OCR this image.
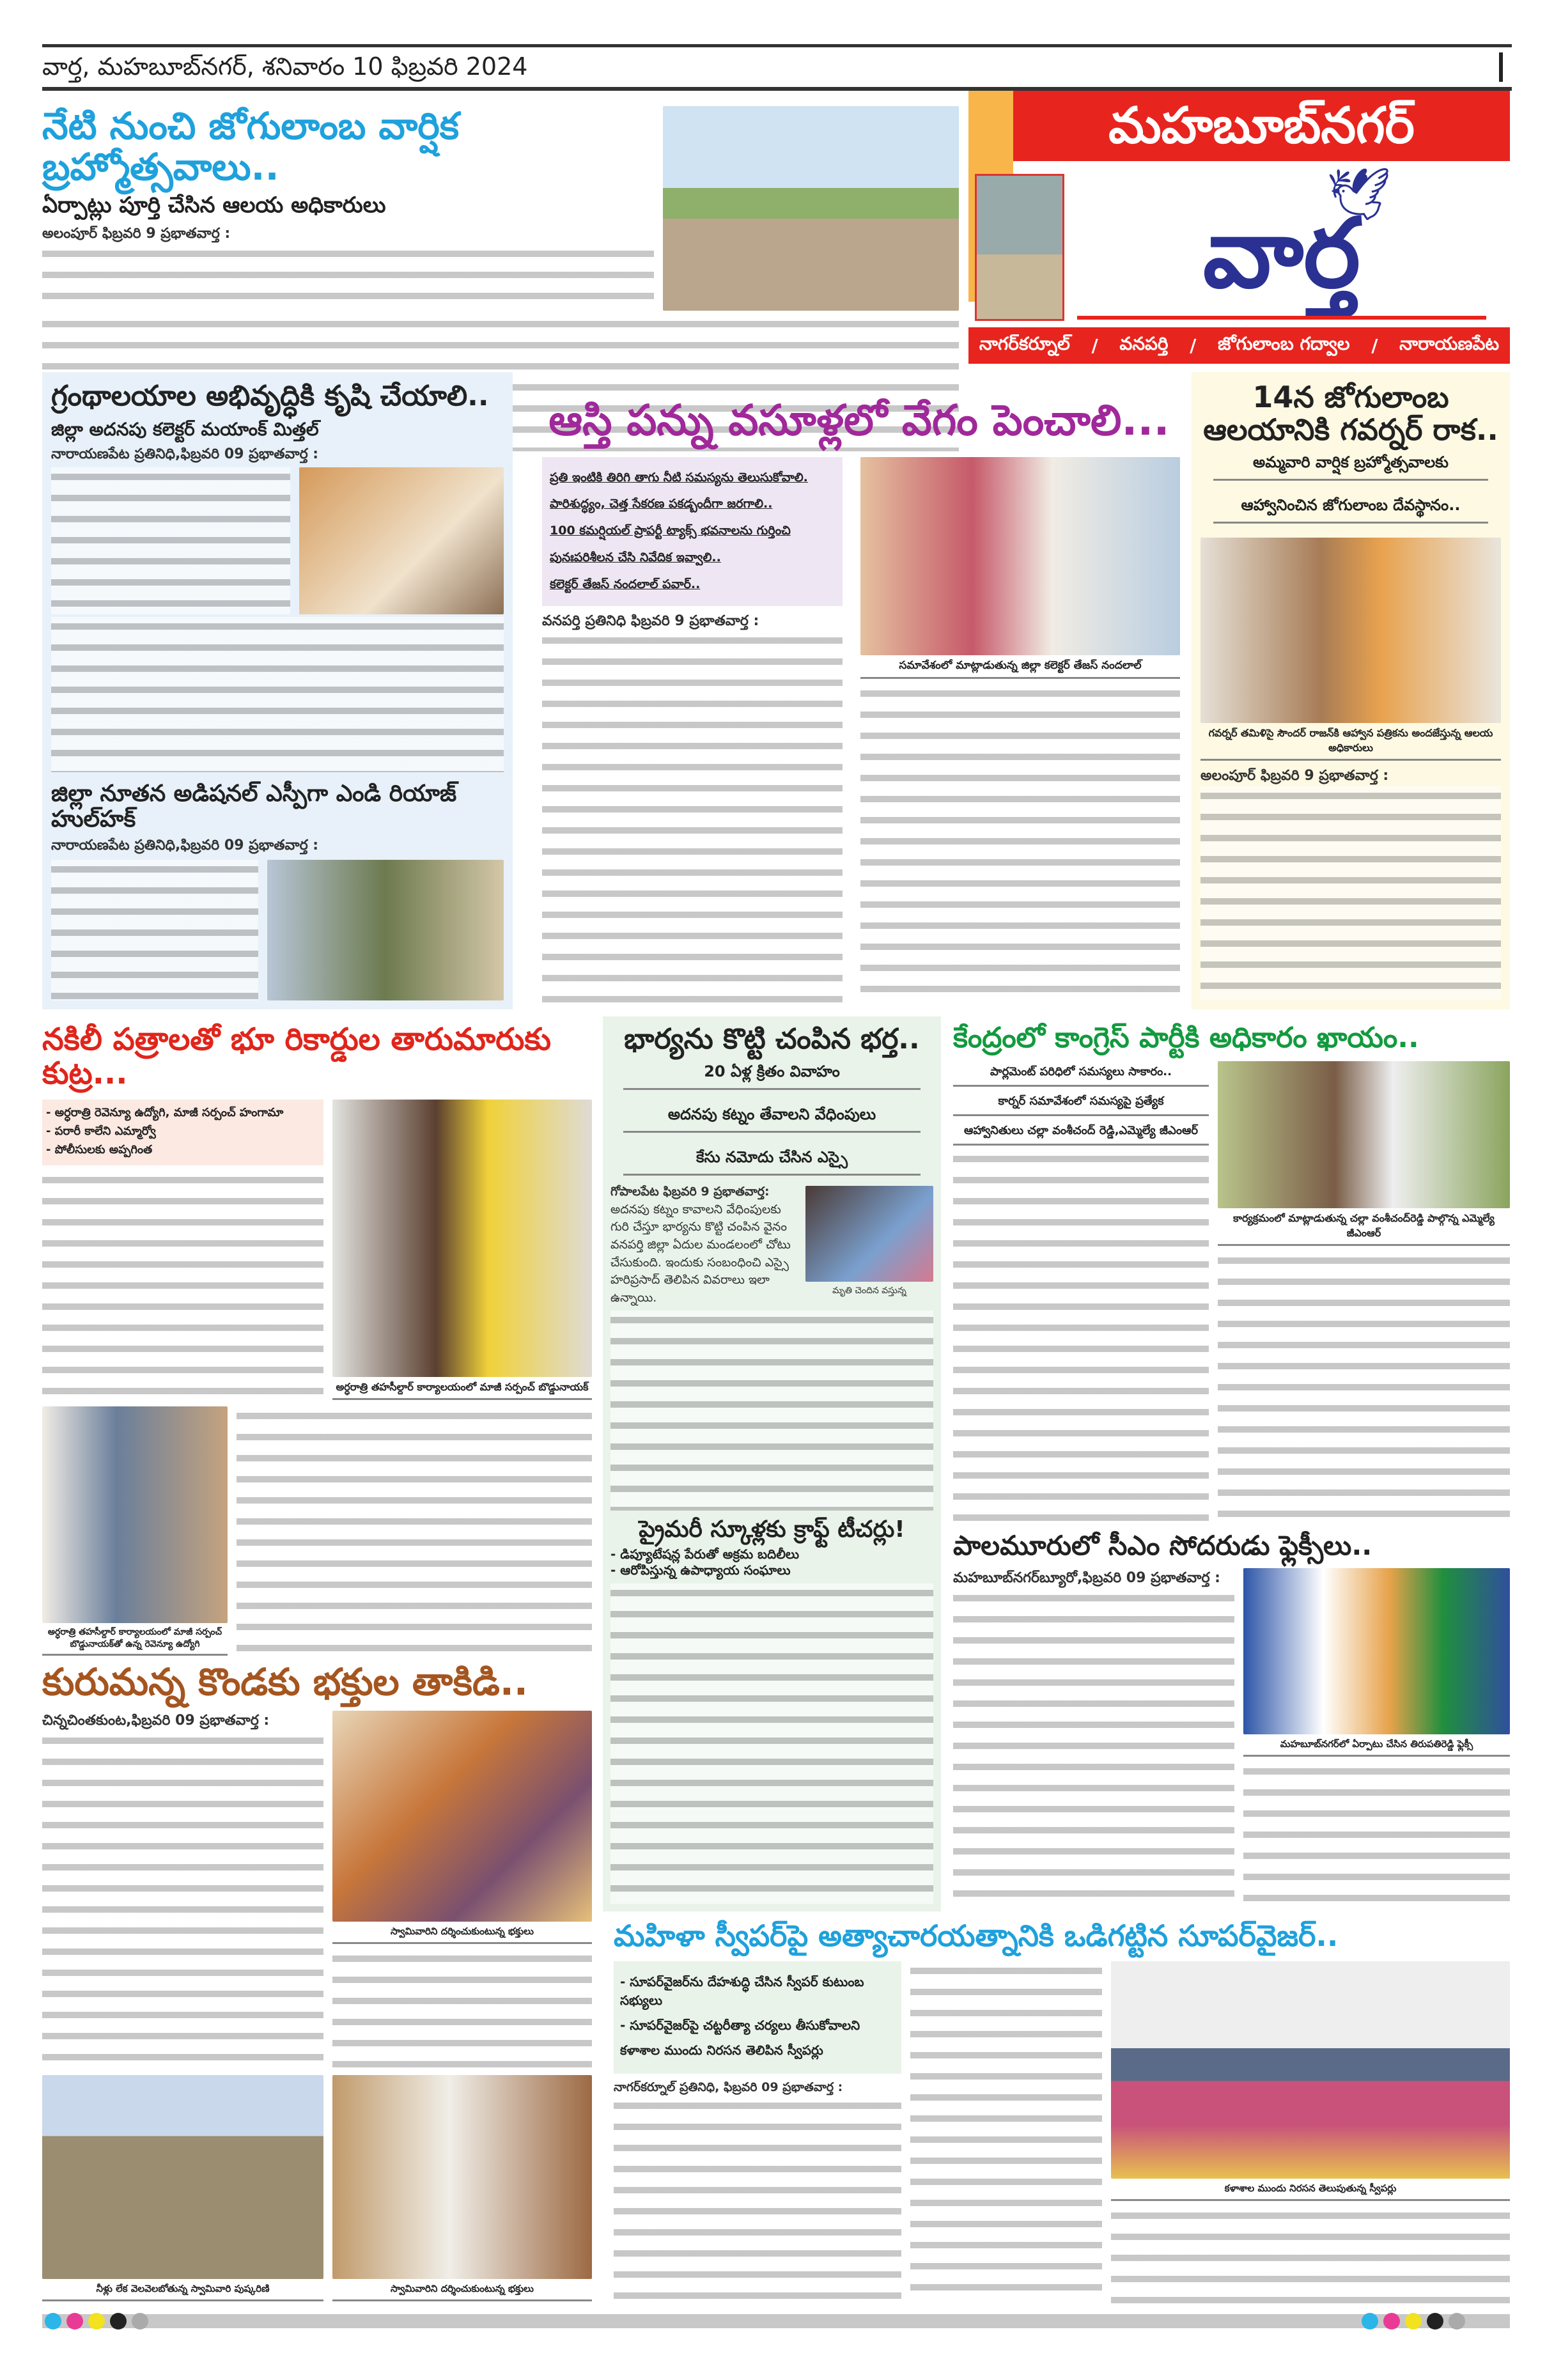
వార్త, మహబూబ్‌నగర్, శనివారం 10 ఫిబ్రవరి 2024
నేటి నుంచి జోగులాంబ వార్షిక బ్రహ్మోత్సవాలు..
ఏర్పాట్లు పూర్తి చేసిన ఆలయ అధికారులు
అలంపూర్ ఫిబ్రవరి 9 ప్రభాతవార్త :
మహబూబ్‌నగర్
🕊
వార్త
నాగర్‌కర్నూల్ / వనపర్తి / జోగులాంబ గద్వాల / నారాయణపేట
గ్రంథాలయాల అభివృద్ధికి కృషి చేయాలి..
జిల్లా అదనపు కలెక్టర్ మయాంక్ మిత్తల్
నారాయణపేట ప్రతినిధి,ఫిబ్రవరి 09 ప్రభాతవార్త :
జిల్లా నూతన అడిషనల్ ఎస్పీగా ఎండి రియాజ్ హుల్‌హక్
నారాయణపేట ప్రతినిధి,ఫిబ్రవరి 09 ప్రభాతవార్త :
ఆస్తి పన్ను వసూళ్లలో వేగం పెంచాలి...
ప్రతి ఇంటికి తిరిగి తాగు నీటి సమస్యను తెలుసుకోవాలి.
పారిశుద్ధ్యం, చెత్త సేకరణ పకడ్బందీగా జరగాలి..
100 కమర్షియల్ ప్రాపర్టీ ట్యాక్స్ భవనాలను గుర్తించి
పునఃపరిశీలన చేసి నివేదిక ఇవ్వాలి..
కలెక్టర్ తేజస్ నందలాల్ పవార్..
వనపర్తి ప్రతినిధి ఫిబ్రవరి 9 ప్రభాతవార్త :
సమావేశంలో మాట్లాడుతున్న జిల్లా కలెక్టర్ తేజస్ నందలాల్
14న జోగులాంబ ఆలయానికి గవర్నర్ రాక..
అమ్మవారి వార్షిక బ్రహ్మోత్సవాలకు
ఆహ్వానించిన జోగులాంబ దేవస్థానం..
గవర్నర్ తమిళిసై సౌందర్ రాజన్‌కి ఆహ్వాన పత్రికను అందజేస్తున్న ఆలయ అధికారులు
అలంపూర్ ఫిబ్రవరి 9 ప్రభాతవార్త :
నకిలీ పత్రాలతో భూ రికార్డుల తారుమారుకు కుట్ర...
- అర్ధరాత్రి రెవెన్యూ ఉద్యోగి, మాజీ సర్పంచ్ హంగామా
- పరారీ కాలేని ఎమ్మార్వో
- పోలీసులకు అప్పగింత
అర్ధరాత్రి తహసీల్దార్ కార్యాలయంలో మాజీ సర్పంచ్ బొడ్డునాయక్
అర్ధరాత్రి తహసీల్దార్ కార్యాలయంలో మాజీ సర్పంచ్ బొడ్డునాయక్‌తో ఉన్న రెవెన్యూ ఉద్యోగి
భార్యను కొట్టి చంపిన భర్త..
20 ఏళ్ల క్రితం వివాహం
అదనపు కట్నం తేవాలని వేధింపులు
కేసు నమోదు చేసిన ఎస్సై
మృతి చెందిన వస్తున్న
గోపాలపేట ఫిబ్రవరి 9 ప్రభాతవార్త: అదనపు కట్నం కావాలని వేధింపులకు గురి చేస్తూ భార్యను కొట్టి చంపిన వైనం వనపర్తి జిల్లా ఏదుల మండలంలో చోటు చేసుకుంది. ఇందుకు సంబంధించి ఎస్సై హరిప్రసాద్ తెలిపిన వివరాలు ఇలా ఉన్నాయి.
ప్రైమరీ స్కూళ్లకు క్రాఫ్ట్ టీచర్లు!
- డిప్యూటేషన్ల పేరుతో అక్రమ బదిలీలు
- ఆరోపిస్తున్న ఉపాధ్యాయ సంఘాలు
కేంద్రంలో కాంగ్రెస్ పార్టీకి అధికారం ఖాయం..
పార్లమెంట్ పరిధిలో సమస్యలు సాకారం..
కార్నర్ సమావేశంలో సమస్యపై ప్రత్యేక
ఆహ్వానితులు చల్లా వంశీచంద్ రెడ్డి,ఎమ్మెల్యే జీఎంఆర్
కార్యక్రమంలో మాట్లాడుతున్న చల్లా వంశీచంద్‌రెడ్డి పాల్గొన్న ఎమ్మెల్యే జీఎంఆర్
పాలమూరులో సీఎం సోదరుడు ఫ్లెక్సీలు..
మహబూబ్‌నగర్‌బ్యూరో,ఫిబ్రవరి 09 ప్రభాతవార్త :
మహబూబ్‌నగర్‌లో ఏర్పాటు చేసిన తిరుపతిరెడ్డి ఫ్లెక్సీ
కురుమన్న కొండకు భక్తుల తాకిడి..
చిన్నచింతకుంట,ఫిబ్రవరి 09 ప్రభాతవార్త :
స్వామివారిని దర్శించుకుంటున్న భక్తులు
నీళ్లు లేక వెలవెలబోతున్న స్వామివారి పుష్కరిణి	స్వామివారిని దర్శించుకుంటున్న భక్తులు
మహిళా స్వీపర్‌పై అత్యాచారయత్నానికి ఒడిగట్టిన సూపర్‌వైజర్..
- సూపర్‌వైజర్‌ను దేహశుద్ధి చేసిన స్వీపర్ కుటుంబ సభ్యులు
- సూపర్‌వైజర్‌పై చట్టరీత్యా చర్యలు తీసుకోవాలని
కళాశాల ముందు నిరసన తెలిపిన స్వీపర్లు
నాగర్‌కర్నూల్ ప్రతినిధి, ఫిబ్రవరి 09 ప్రభాతవార్త :
కళాశాల ముందు నిరసన తెలుపుతున్న స్వీపర్లు
